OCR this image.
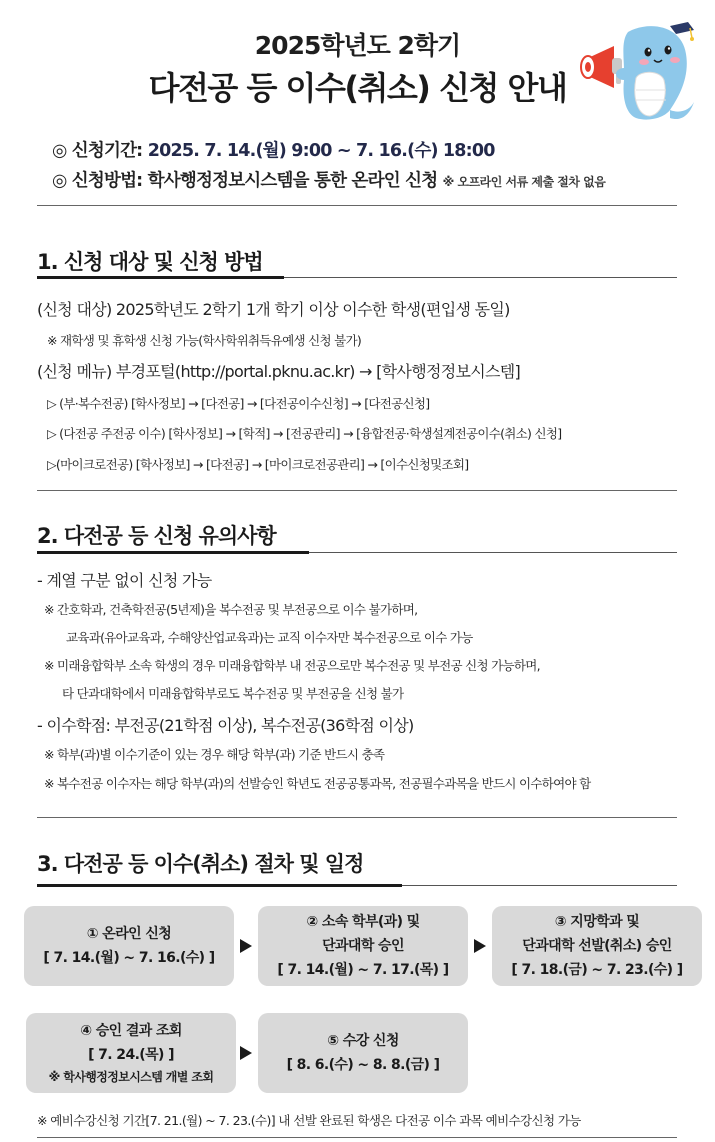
2025학년도 2학기
다전공 등 이수(취소) 신청 안내
◎ 신청기간: 2025. 7. 14.(월) 9:00 ~ 7. 16.(수) 18:00
◎ 신청방법: 학사행정정보시스템을 통한 온라인 신청 ※ 오프라인 서류 제출 절차 없음
1. 신청 대상 및 신청 방법
(신청 대상) 2025학년도 2학기 1개 학기 이상 이수한 학생(편입생 동일)
※ 재학생 및 휴학생 신청 가능(학사학위취득유예생 신청 불가)
(신청 메뉴) 부경포털(http://portal.pknu.ac.kr) → [학사행정정보시스템]
▷ (부·복수전공) [학사정보] → [다전공] → [다전공이수신청] → [다전공신청]
▷ (다전공 주전공 이수) [학사정보] → [학적] → [전공관리] → [융합전공·학생설계전공이수(취소) 신청]
▷(마이크로전공) [학사정보] → [다전공] → [마이크로전공관리] → [이수신청및조회]
2. 다전공 등 신청 유의사항
- 계열 구분 없이 신청 가능
※ 간호학과, 건축학전공(5년제)을 복수전공 및 부전공으로 이수 불가하며,
교육과(유아교육과, 수해양산업교육과)는 교직 이수자만 복수전공으로 이수 가능
※ 미래융합학부 소속 학생의 경우 미래융합학부 내 전공으로만 복수전공 및 부전공 신청 가능하며,
타 단과대학에서 미래융합학부로도 복수전공 및 부전공을 신청 불가
- 이수학점: 부전공(21학점 이상), 복수전공(36학점 이상)
※ 학부(과)별 이수기준이 있는 경우 해당 학부(과) 기준 반드시 충족
※ 복수전공 이수자는 해당 학부(과)의 선발승인 학년도 전공공통과목, 전공필수과목을 반드시 이수하여야 함
3. 다전공 등 이수(취소) 절차 및 일정
① 온라인 신청
[ 7. 14.(월) ~ 7. 16.(수) ]
② 소속 학부(과) 및
단과대학 승인
[ 7. 14.(월) ~ 7. 17.(목) ]
③ 지망학과 및
단과대학 선발(취소) 승인
[ 7. 18.(금) ~ 7. 23.(수) ]
④ 승인 결과 조회
[ 7. 24.(목) ]
※ 학사행정정보시스템 개별 조회
⑤ 수강 신청
[ 8. 6.(수) ~ 8. 8.(금) ]
※ 예비수강신청 기간[7. 21.(월) ~ 7. 23.(수)] 내 선발 완료된 학생은 다전공 이수 과목 예비수강신청 가능
